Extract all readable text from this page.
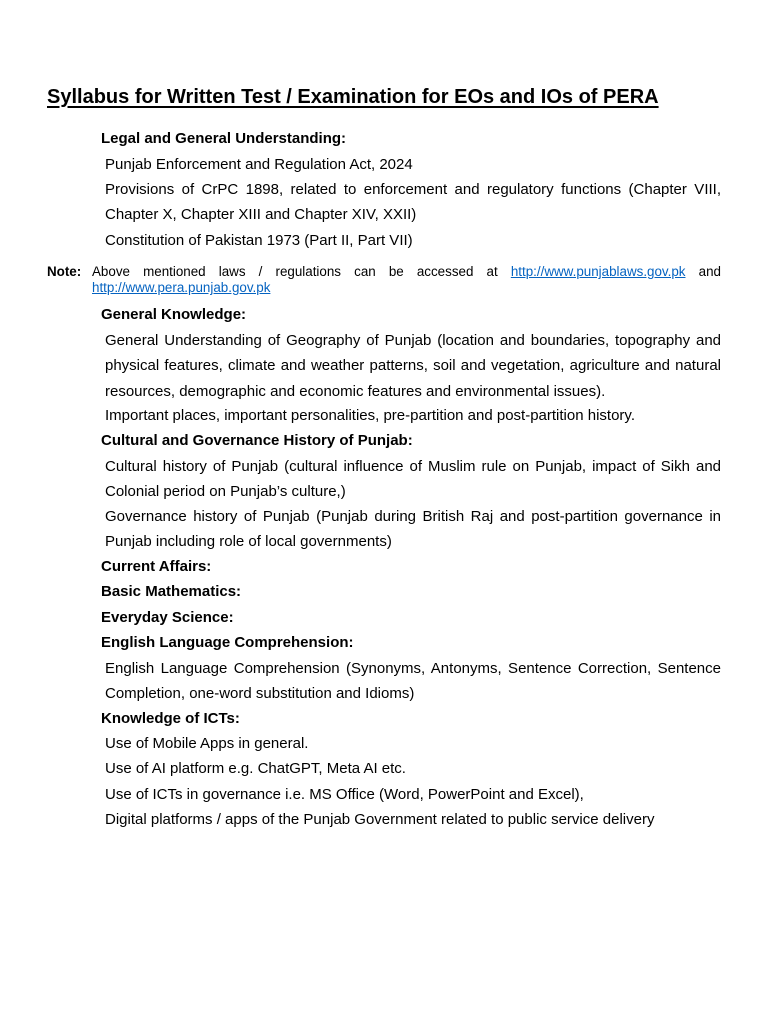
Syllabus for Written Test / Examination for EOs and IOs of PERA
Legal and General Understanding:
Punjab Enforcement and Regulation Act, 2024
Provisions of CrPC 1898, related to enforcement and regulatory functions (Chapter VIII, Chapter X, Chapter XIII and Chapter XIV, XXII)
Constitution of Pakistan 1973 (Part II, Part VII)
Note: Above mentioned laws / regulations can be accessed at http://www.punjablaws.gov.pk and http://www.pera.punjab.gov.pk
General Knowledge:
General Understanding of Geography of Punjab (location and boundaries, topography and physical features, climate and weather patterns, soil and vegetation, agriculture and natural resources, demographic and economic features and environmental issues).
Important places, important personalities, pre-partition and post-partition history.
Cultural and Governance History of Punjab:
Cultural history of Punjab (cultural influence of Muslim rule on Punjab, impact of Sikh and Colonial period on Punjab’s culture,)
Governance history of Punjab (Punjab during British Raj and post-partition governance in Punjab including role of local governments)
Current Affairs:
Basic Mathematics:
Everyday Science:
English Language Comprehension:
English Language Comprehension (Synonyms, Antonyms, Sentence Correction, Sentence Completion, one-word substitution and Idioms)
Knowledge of ICTs:
Use of Mobile Apps in general.
Use of AI platform e.g. ChatGPT, Meta AI etc.
Use of ICTs in governance i.e. MS Office (Word, PowerPoint and Excel),
Digital platforms / apps of the Punjab Government related to public service delivery
